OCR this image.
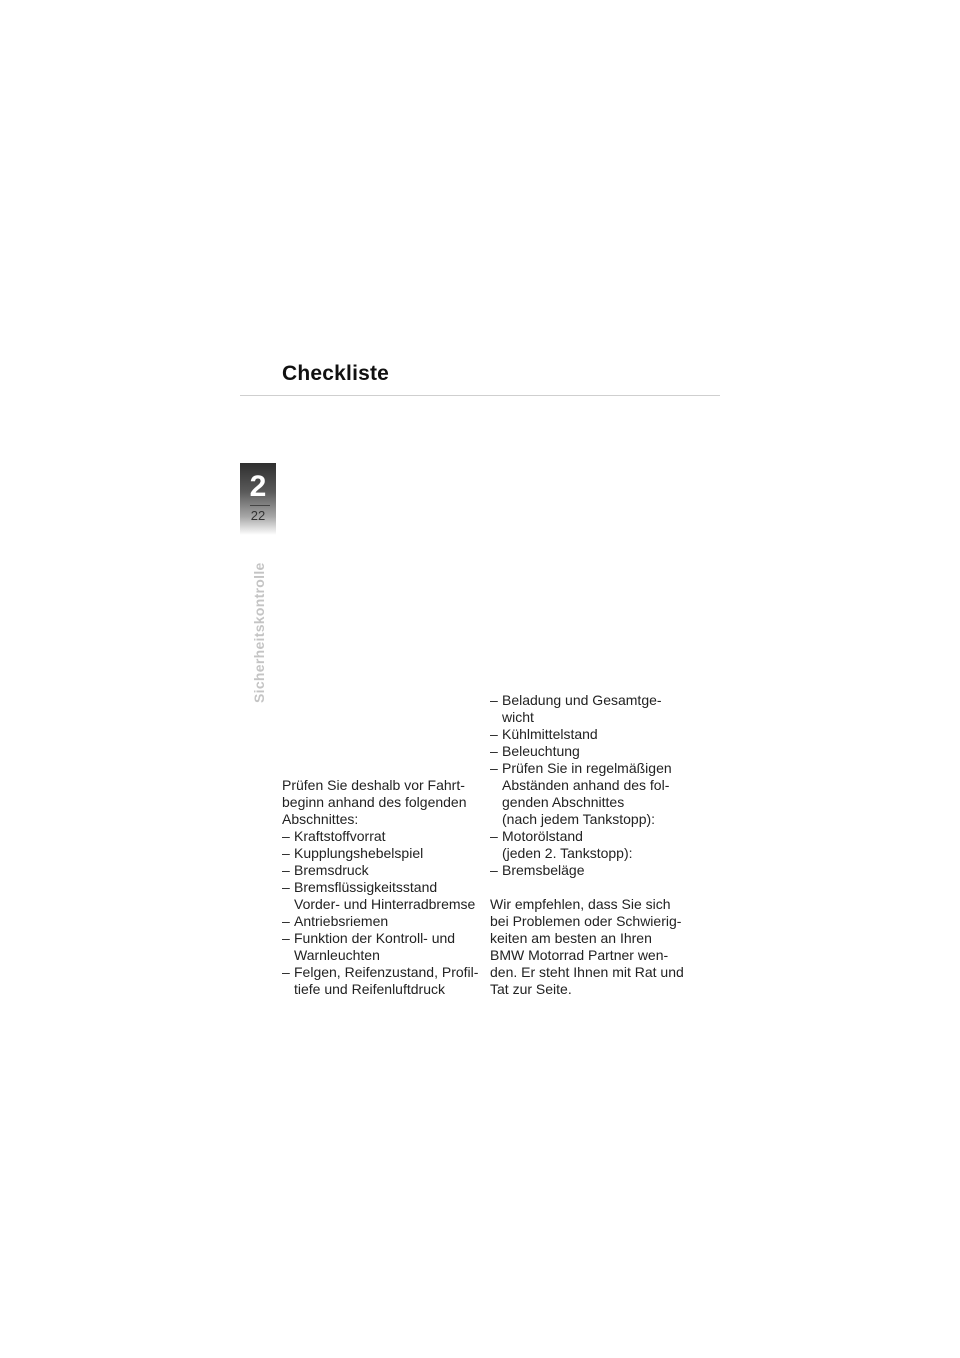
Checkliste
2
22
Sicherheitskontrolle

Prüfen Sie deshalb vor Fahrt-

beginn anhand des folgenden

Abschnittes:

– Kraftstoffvorrat
– Kupplungshebelspiel
– Bremsdruck
– Bremsflüssigkeitsstand
Vorder- und Hinterradbremse
– Antriebsriemen
– Funktion der Kontroll- und
Warnleuchten
– Felgen, Reifenzustand, Profil-
tiefe und Reifenluftdruck
– Beladung und Gesamtge-
wicht
– Kühlmittelstand
– Beleuchtung
– Prüfen Sie in regelmäßigen
Abständen anhand des fol-
genden Abschnittes
(nach jedem Tankstopp):
– Motorölstand
(jeden 2. Tankstopp):
– Bremsbeläge

Wir empfehlen, dass Sie sich

bei Problemen oder Schwierig-

keiten am besten an Ihren

BMW Motorrad Partner wen-

den. Er steht Ihnen mit Rat und

Tat zur Seite.
